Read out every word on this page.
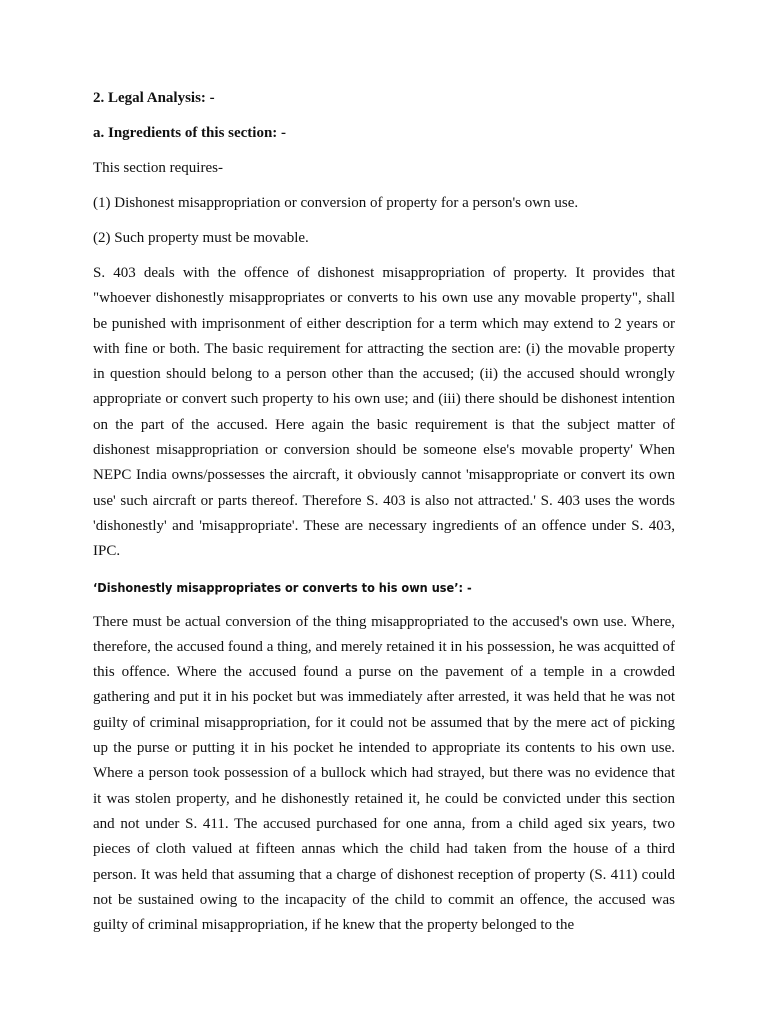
2. Legal Analysis: -
a. Ingredients of this section: -
This section requires-
(1) Dishonest misappropriation or conversion of property for a person's own use.
(2) Such property must be movable.
S. 403 deals with the offence of dishonest misappropriation of property. It provides that "whoever dishonestly misappropriates or converts to his own use any movable property", shall be punished with imprisonment of either description for a term which may extend to 2 years or with fine or both. The basic requirement for attracting the section are: (i) the movable property in question should belong to a person other than the accused; (ii) the accused should wrongly appropriate or convert such property to his own use; and (iii) there should be dishonest intention on the part of the accused. Here again the basic requirement is that the subject matter of dishonest misappropriation or conversion should be someone else's movable property' When NEPC India owns/possesses the aircraft, it obviously cannot 'misappropriate or convert its own use' such aircraft or parts thereof. Therefore S. 403 is also not attracted.' S. 403 uses the words 'dishonestly' and 'misappropriate'. These are necessary ingredients of an offence under S. 403, IPC.
‘Dishonestly misappropriates or converts to his own use’: -
There must be actual conversion of the thing misappropriated to the accused's own use. Where, therefore, the accused found a thing, and merely retained it in his possession, he was acquitted of this offence. Where the accused found a purse on the pavement of a temple in a crowded gathering and put it in his pocket but was immediately after arrested, it was held that he was not guilty of criminal misappropriation, for it could not be assumed that by the mere act of picking up the purse or putting it in his pocket he intended to appropriate its contents to his own use. Where a person took possession of a bullock which had strayed, but there was no evidence that it was stolen property, and he dishonestly retained it, he could be convicted under this section and not under S. 411. The accused purchased for one anna, from a child aged six years, two pieces of cloth valued at fifteen annas which the child had taken from the house of a third person. It was held that assuming that a charge of dishonest reception of property (S. 411) could not be sustained owing to the incapacity of the child to commit an offence, the accused was guilty of criminal misappropriation, if he knew that the property belonged to the
